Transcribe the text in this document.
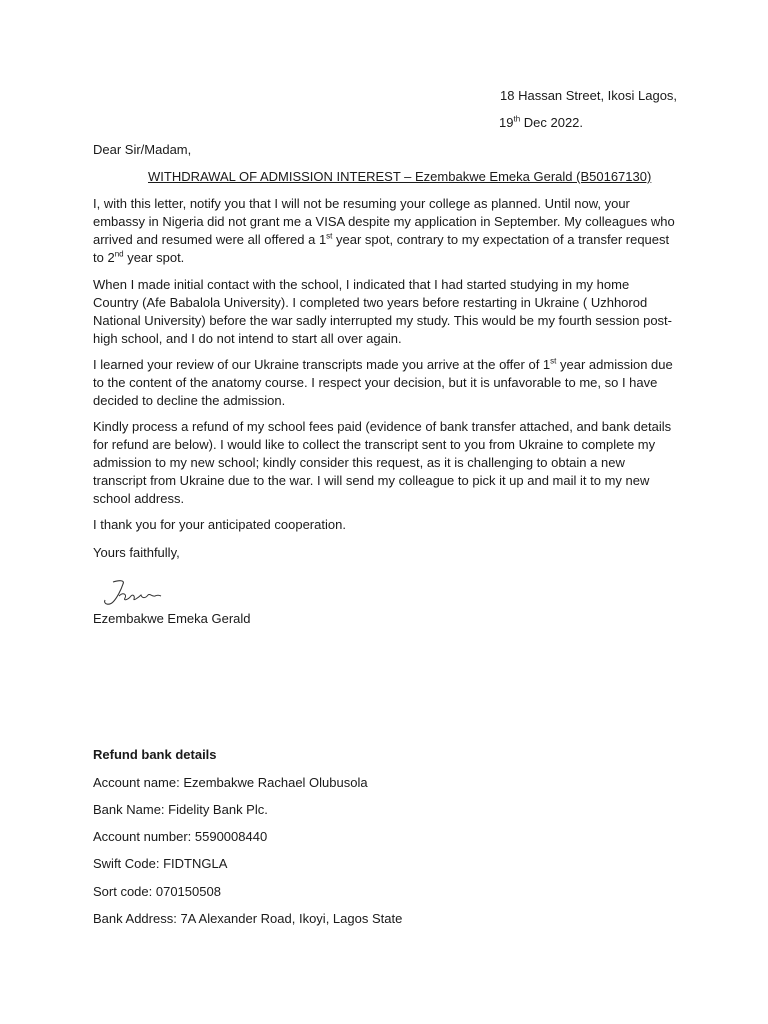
18 Hassan Street, Ikosi Lagos,
19th Dec 2022.
Dear Sir/Madam,
WITHDRAWAL OF ADMISSION INTEREST – Ezembakwe Emeka Gerald (B50167130)
I, with this letter, notify you that I will not be resuming your college as planned. Until now, your embassy in Nigeria did not grant me a VISA despite my application in September. My colleagues who arrived and resumed were all offered a 1st year spot, contrary to my expectation of a transfer request to 2nd year spot.
When I made initial contact with the school, I indicated that I had started studying in my home Country (Afe Babalola University). I completed two years before restarting in Ukraine ( Uzhhorod National University) before the war sadly interrupted my study. This would be my fourth session post-high school, and I do not intend to start all over again.
I learned your review of our Ukraine transcripts made you arrive at the offer of 1st year admission due to the content of the anatomy course. I respect your decision, but it is unfavorable to me, so I have decided to decline the admission.
Kindly process a refund of my school fees paid (evidence of bank transfer attached, and bank details for refund are below). I would like to collect the transcript sent to you from Ukraine to complete my admission to my new school; kindly consider this request, as it is challenging to obtain a new transcript from Ukraine due to the war. I will send my colleague to pick it up and mail it to my new school address.
I thank you for your anticipated cooperation.
Yours faithfully,
Ezembakwe Emeka Gerald
Refund bank details
Account name: Ezembakwe Rachael Olubusola
Bank Name: Fidelity Bank Plc.
Account number: 5590008440
Swift Code: FIDTNGLA
Sort code: 070150508
Bank Address: 7A Alexander Road, Ikoyi, Lagos State
